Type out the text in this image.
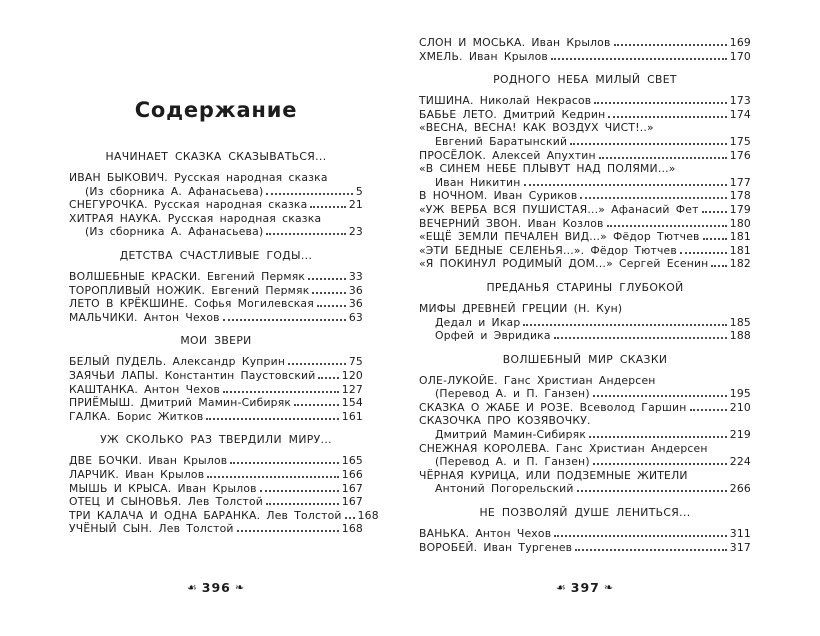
Содержание
НАЧИНАЕТ СКАЗКА СКАЗЫВАТЬСЯ...
ИВАН БЫКОВИЧ. Русская народная сказка
(Из сборника А. Афанасьева)	5
СНЕГУРОЧКА. Русская народная сказка	21
ХИТРАЯ НАУКА. Русская народная сказка
(Из сборника А. Афанасьева)	23
ДЕТСТВА СЧАСТЛИВЫЕ ГОДЫ...
ВОЛШЕБНЫЕ КРАСКИ. Евгений Пермяк	33
ТОРОПЛИВЫЙ НОЖИК. Евгений Пермяк	36
ЛЕТО В КРЁКШИНЕ. Софья Могилевская	36
МАЛЬЧИКИ. Антон Чехов	63
МОИ ЗВЕРИ
БЕЛЫЙ ПУДЕЛЬ. Александр Куприн	75
ЗАЯЧЬИ ЛАПЫ. Константин Паустовский 120
КАШТАНКА. Антон Чехов	127
ПРИЁМЫШ. Дмитрий Мамин-Сибиряк	154
ГАЛКА. Борис Житков	161
УЖ СКОЛЬКО РАЗ ТВЕРДИЛИ МИРУ...
ДВЕ БОЧКИ. Иван Крылов	165
ЛАРЧИК. Иван Крылов	166
МЫШЬ И КРЫСА. Иван Крылов	167
ОТЕЦ И СЫНОВЬЯ. Лев Толстой	167
ТРИ КАЛАЧА И ОДНА БАРАНКА. Лев Толстой 168
УЧЁНЫЙ СЫН. Лев Толстой	168
☙ 396 ❧
СЛОН И МОСЬКА. Иван Крылов	169
ХМЕЛЬ. Иван Крылов	170
РОДНОГО НЕБА МИЛЫЙ СВЕТ
ТИШИНА. Николай Некрасов	173
БАБЬЕ ЛЕТО. Дмитрий Кедрин	174
«ВЕСНА, ВЕСНА! КАК ВОЗДУХ ЧИСТ!..»
Евгений Баратынский	175
ПРОСЁЛОК. Алексей Апухтин	176
«В СИНЕМ НЕБЕ ПЛЫВУТ НАД ПОЛЯМИ...»
Иван Никитин	177
В НОЧНОМ. Иван Суриков	178
«УЖ ВЕРБА ВСЯ ПУШИСТАЯ...» Афанасий Фет	179
ВЕЧЕРНИЙ ЗВОН. Иван Козлов	180
«ЕЩЁ ЗЕМЛИ ПЕЧАЛЕН ВИД...» Фёдор Тютчев	181
«ЭТИ БЕДНЫЕ СЕЛЕНЬЯ...». Фёдор Тютчев	181
«Я ПОКИНУЛ РОДИМЫЙ ДОМ...» Сергей Есенин 182
ПРЕДАНЬЯ СТАРИНЫ ГЛУБОКОЙ
МИФЫ ДРЕВНЕЙ ГРЕЦИИ (Н. Кун)
Дедал и Икар	185
Орфей и Эвридика	188
ВОЛШЕБНЫЙ МИР СКАЗКИ
ОЛЕ-ЛУКОЙЕ. Ганс Христиан Андерсен
(Перевод А. и П. Ганзен)	195
СКАЗКА О ЖАБЕ И РОЗЕ. Всеволод Гаршин	210
СКАЗОЧКА ПРО КОЗЯВОЧКУ.
Дмитрий Мамин-Сибиряк	219
СНЕЖНАЯ КОРОЛЕВА. Ганс Христиан Андерсен
(Перевод А. и П. Ганзен)	224
ЧЁРНАЯ КУРИЦА, ИЛИ ПОДЗЕМНЫЕ ЖИТЕЛИ
Антоний Погорельский	266
НЕ ПОЗВОЛЯЙ ДУШЕ ЛЕНИТЬСЯ...
ВАНЬКА. Антон Чехов	311
ВОРОБЕЙ. Иван Тургенев	317
☙ 397 ❧
